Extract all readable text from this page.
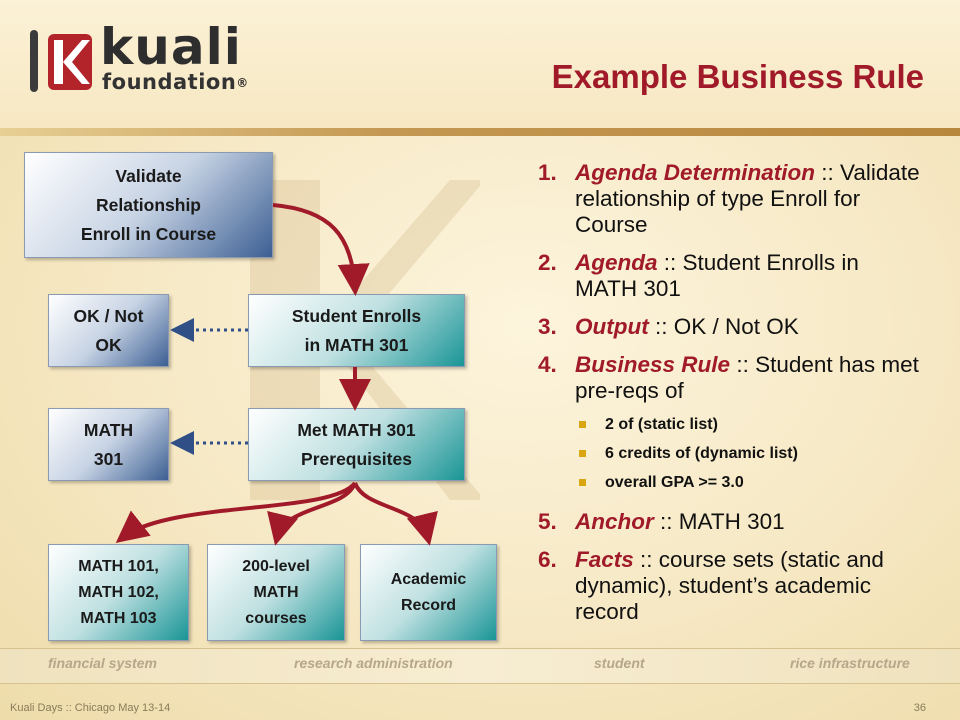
kuali
foundation®	Example Business Rule
Validate
Relationship
Enroll in Course
OK / Not
OK
Student Enrolls
in MATH 301
MATH
301
Met MATH 301
Prerequisites
MATH 101,
MATH 102,
MATH 103
200-level
MATH
courses
Academic
Record
1. Agenda Determination :: Validate relationship of type Enroll for Course
2. Agenda :: Student Enrolls in MATH 301
3. Output :: OK / Not OK
4. Business Rule :: Student has met pre-reqs of
2 of (static list)
6 credits of (dynamic list)
overall GPA >= 3.0
5. Anchor :: MATH 301
6. Facts :: course sets (static and dynamic), student’s academic record
financial system	research administration	student	rice infrastructure
Kuali Days :: Chicago May 13-14	36
